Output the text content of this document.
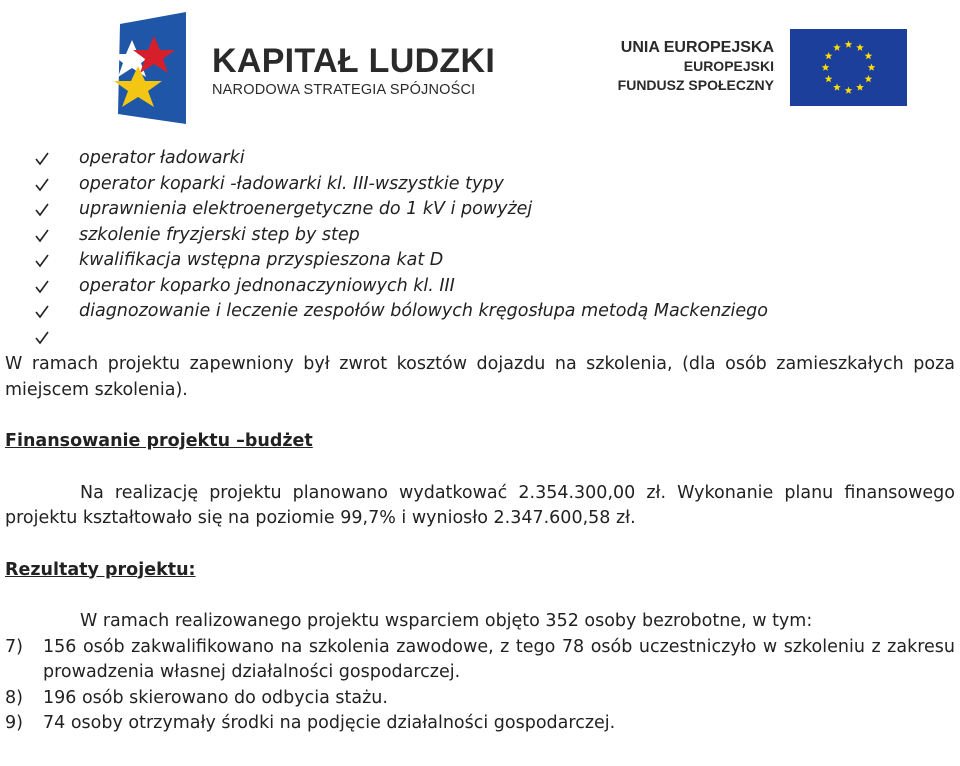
KAPITAŁ LUDZKI
NARODOWA STRATEGIA SPÓJNOŚCI
UNIA EUROPEJSKA
EUROPEJSKI
FUNDUSZ SPOŁECZNY
operator ładowarki
operator koparki -ładowarki kl. III-wszystkie typy
uprawnienia elektroenergetyczne do 1 kV i powyżej
szkolenie fryzjerski step by step
kwalifikacja wstępna przyspieszona kat D
operator koparko jednonaczyniowych kl. III
diagnozowanie i leczenie zespołów bólowych kręgosłupa metodą Mackenziego

W ramach projektu zapewniony był zwrot kosztów dojazdu na szkolenia, (dla osób zamieszkałych poza miejscem szkolenia).

Finansowanie projektu –budżet

Na realizację projektu planowano wydatkować 2.354.300,00 zł. Wykonanie planu finansowego projektu kształtowało się na poziomie 99,7% i wyniosło 2.347.600,58 zł.

Rezultaty projektu:

W ramach realizowanego projektu wsparciem objęto 352 osoby bezrobotne, w tym:

7) 156 osób zakwalifikowano na szkolenia zawodowe, z tego 78 osób uczestniczyło w szkoleniu z zakresu prowadzenia własnej działalności gospodarczej.
8) 196 osób skierowano do odbycia stażu.
9) 74 osoby otrzymały środki na podjęcie działalności gospodarczej.
